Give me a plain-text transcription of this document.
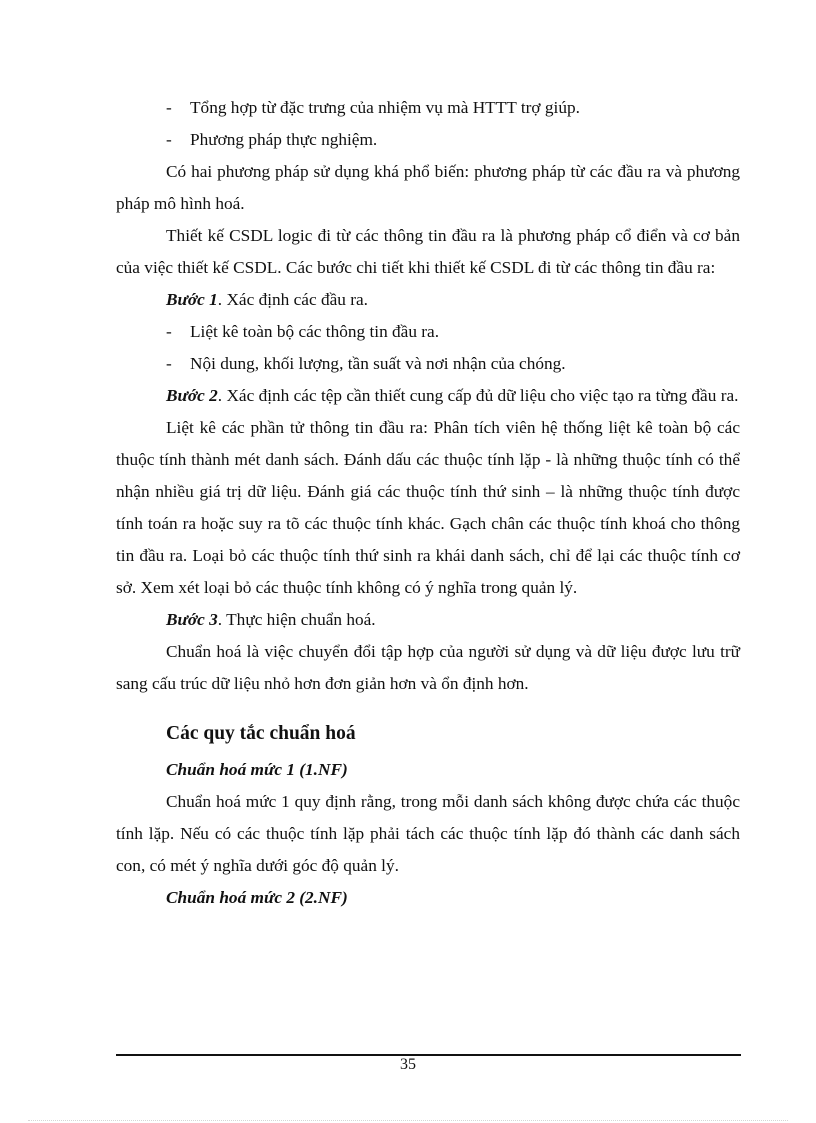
- Tổng hợp từ đặc trưng của nhiệm vụ mà HTTT trợ giúp.

- Phương pháp thực nghiệm.

Có hai phương pháp sử dụng khá phổ biến: phương pháp từ các đầu ra và phương pháp mô hình hoá.

Thiết kế CSDL logic đi từ các thông tin đầu ra là phương pháp cổ điển và cơ bản của việc thiết kế CSDL. Các bước chi tiết khi thiết kế CSDL đi từ các thông tin đầu ra:

Bước 1. Xác định các đầu ra.

- Liệt kê toàn bộ các thông tin đầu ra.

- Nội dung, khối lượng, tần suất và nơi nhận của chóng.

Bước 2. Xác định các tệp cần thiết cung cấp đủ dữ liệu cho việc tạo ra từng đầu ra.

Liệt kê các phần tử thông tin đầu ra: Phân tích viên hệ thống liệt kê toàn bộ các thuộc tính thành mét danh sách. Đánh dấu các thuộc tính lặp - là những thuộc tính có thể nhận nhiều giá trị dữ liệu. Đánh giá các thuộc tính thứ sinh – là những thuộc tính được tính toán ra hoặc suy ra tõ các thuộc tính khác. Gạch chân các thuộc tính khoá cho thông tin đầu ra. Loại bỏ các thuộc tính thứ sinh ra khái danh sách, chỉ để lại các thuộc tính cơ sở. Xem xét loại bỏ các thuộc tính không có ý nghĩa trong quản lý.

Bước 3. Thực hiện chuẩn hoá.

Chuẩn hoá là việc chuyển đổi tập hợp của người sử dụng và dữ liệu được lưu trữ sang cấu trúc dữ liệu nhỏ hơn đơn giản hơn và ổn định hơn.

Các quy tắc chuẩn hoá

Chuẩn hoá mức 1 (1.NF)

Chuẩn hoá mức 1 quy định rằng, trong mỗi danh sách không được chứa các thuộc tính lặp. Nếu có các thuộc tính lặp phải tách các thuộc tính lặp đó thành các danh sách con, có mét ý nghĩa dưới góc độ quản lý.

Chuẩn hoá mức 2 (2.NF)

35
